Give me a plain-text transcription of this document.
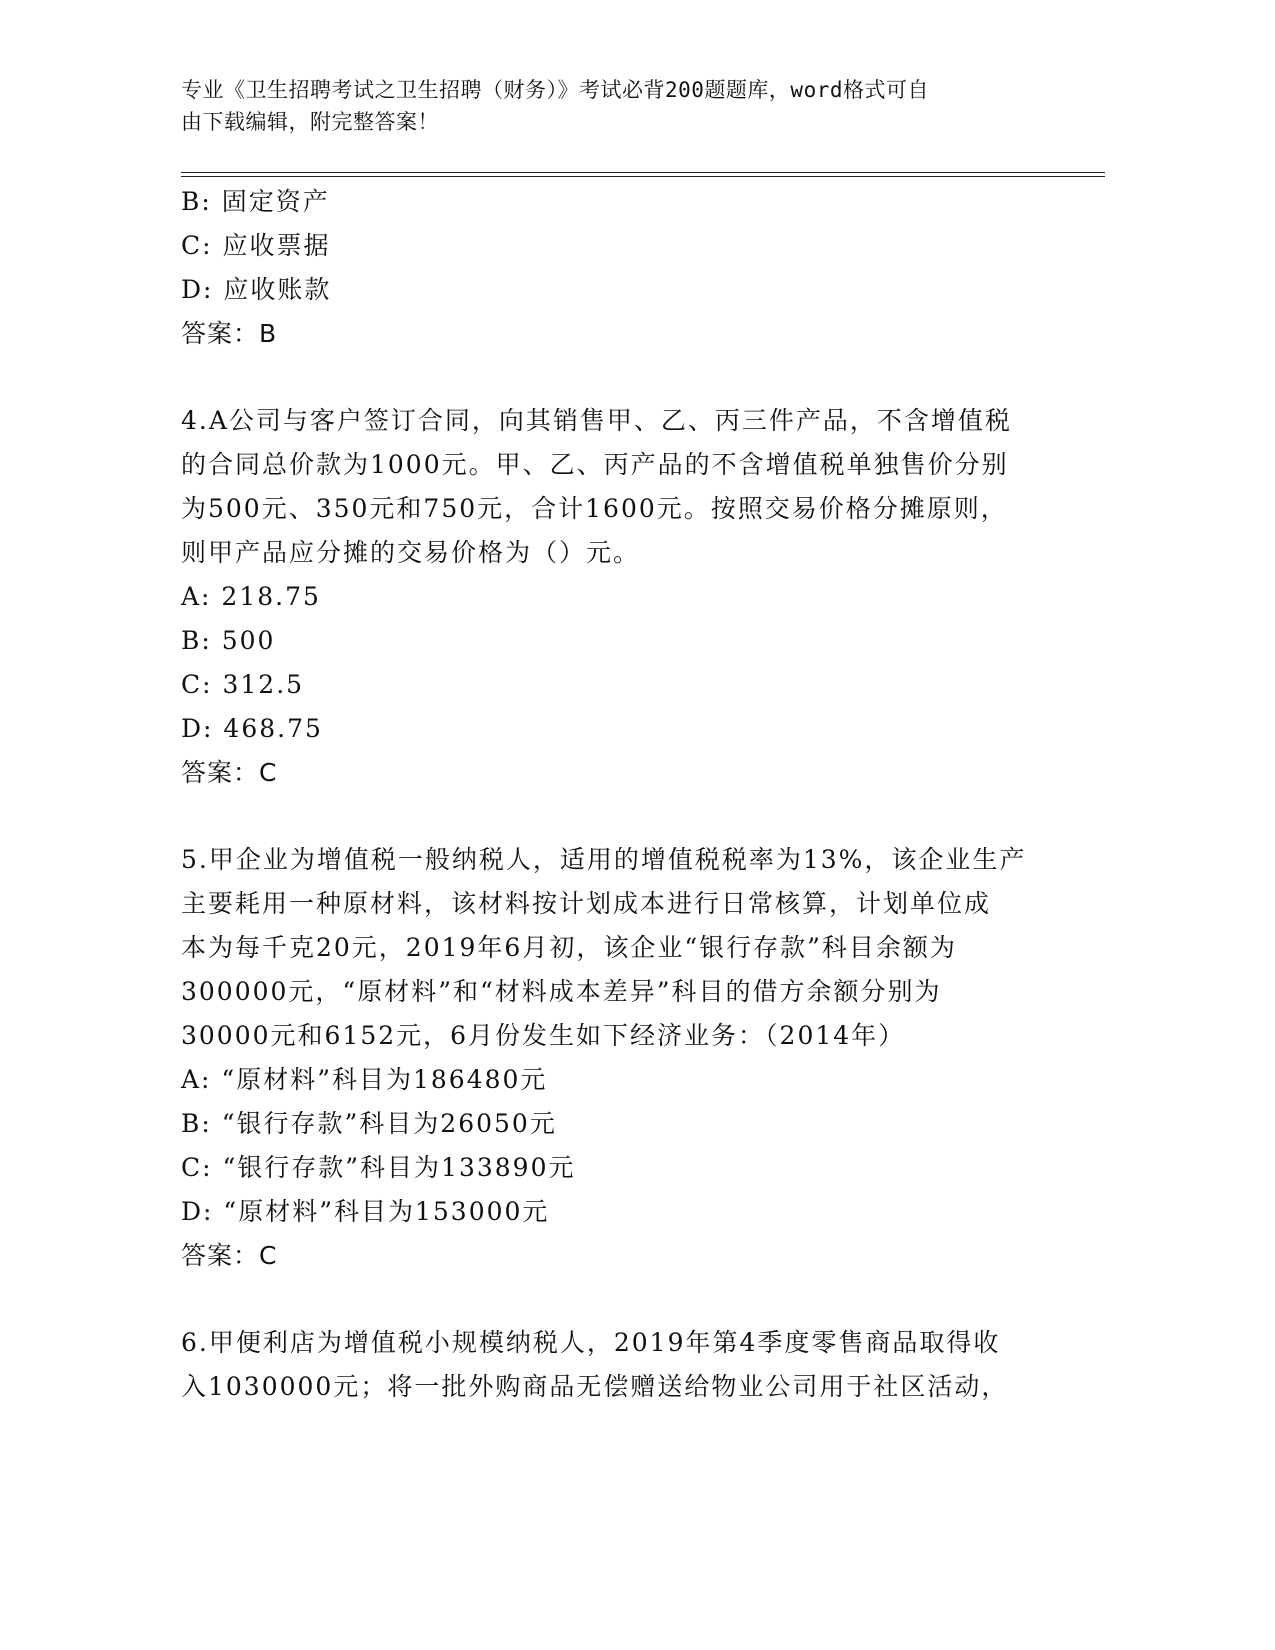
专业《卫生招聘考试之卫生招聘（财务）》考试必背200题题库，word格式可自
由下载编辑，附完整答案！
B: 固定资产
C: 应收票据
D: 应收账款
答案：B
4.A公司与客户签订合同，向其销售甲、乙、丙三件产品，不含增值税
的合同总价款为1000元。甲、乙、丙产品的不含增值税单独售价分别
为500元、350元和750元，合计1600元。按照交易价格分摊原则，
则甲产品应分摊的交易价格为（）元。
A: 218.75
B: 500
C: 312.5
D: 468.75
答案：C
5.甲企业为增值税一般纳税人，适用的增值税税率为13%，该企业生产
主要耗用一种原材料，该材料按计划成本进行日常核算，计划单位成
本为每千克20元，2019年6月初，该企业“银行存款”科目余额为
300000元，“原材料”和“材料成本差异”科目的借方余额分别为
30000元和6152元，6月份发生如下经济业务：（2014年）
A: “原材料”科目为186480元
B: “银行存款”科目为26050元
C: “银行存款”科目为133890元
D: “原材料”科目为153000元
答案：C
6.甲便利店为增值税小规模纳税人，2019年第4季度零售商品取得收
入1030000元；将一批外购商品无偿赠送给物业公司用于社区活动，
